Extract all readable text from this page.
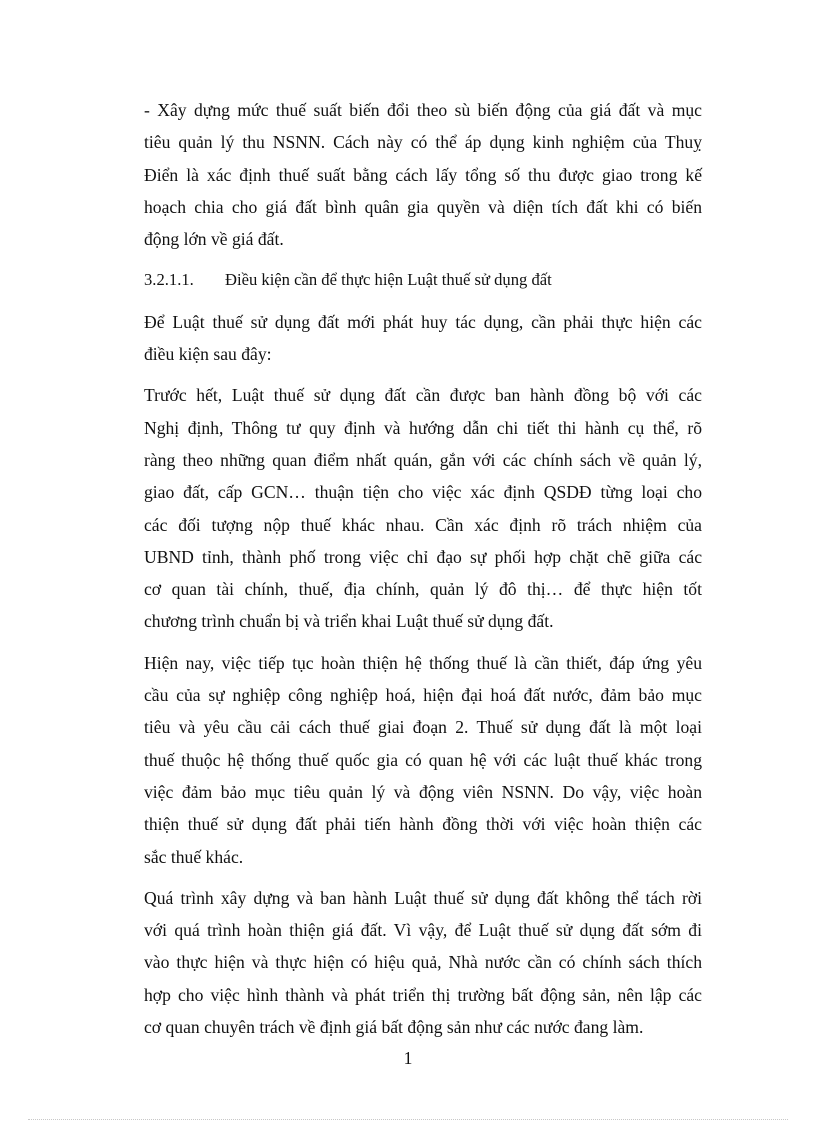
- Xây dựng mức thuế suất biến đổi theo sù biến động của giá đất và mục
tiêu quản lý thu NSNN. Cách này có thể áp dụng kinh nghiệm của Thuỵ
Điển là xác định thuế suất bằng cách lấy tổng số thu được giao trong kế
hoạch chia cho giá đất bình quân gia quyền và diện tích đất khi có biến
động lớn về giá đất.

3.2.1.1. Điều kiện cần để thực hiện Luật thuế sử dụng đất

Để Luật thuế sử dụng đất mới phát huy tác dụng, cần phải thực hiện các
điều kiện sau đây:

Trước hết, Luật thuế sử dụng đất cần được ban hành đồng bộ với các
Nghị định, Thông tư quy định và hướng dẫn chi tiết thi hành cụ thể, rõ
ràng theo những quan điểm nhất quán, gắn với các chính sách về quản lý,
giao đất, cấp GCN… thuận tiện cho việc xác định QSDĐ từng loại cho
các đối tượng nộp thuế khác nhau. Cần xác định rõ trách nhiệm của
UBND tỉnh, thành phố trong việc chỉ đạo sự phối hợp chặt chẽ giữa các
cơ quan tài chính, thuế, địa chính, quản lý đô thị… để thực hiện tốt
chương trình chuẩn bị và triển khai Luật thuế sử dụng đất.

Hiện nay, việc tiếp tục hoàn thiện hệ thống thuế là cần thiết, đáp ứng yêu
cầu của sự nghiệp công nghiệp hoá, hiện đại hoá đất nước, đảm bảo mục
tiêu và yêu cầu cải cách thuế giai đoạn 2. Thuế sử dụng đất là một loại
thuế thuộc hệ thống thuế quốc gia có quan hệ với các luật thuế khác trong
việc đảm bảo mục tiêu quản lý và động viên NSNN. Do vậy, việc hoàn
thiện thuế sử dụng đất phải tiến hành đồng thời với việc hoàn thiện các
sắc thuế khác.

Quá trình xây dựng và ban hành Luật thuế sử dụng đất không thể tách rời
với quá trình hoàn thiện giá đất. Vì vậy, để Luật thuế sử dụng đất sớm đi
vào thực hiện và thực hiện có hiệu quả, Nhà nước cần có chính sách thích
hợp cho việc hình thành và phát triển thị trường bất động sản, nên lập các
cơ quan chuyên trách về định giá bất động sản như các nước đang làm.

1
